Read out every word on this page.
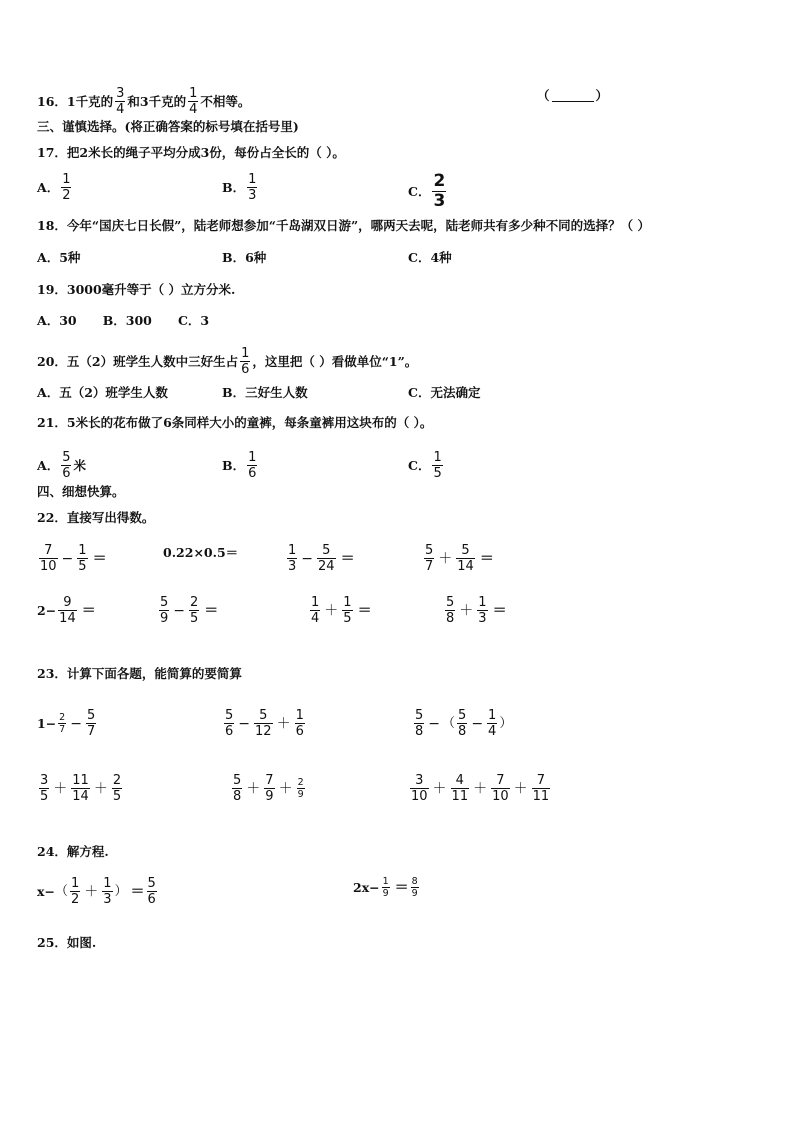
16．1千克的 $\frac{3}{4}$ 和3千克的 $\frac{1}{4}$ 不相等。	（	）
三、谨慎选择。(将正确答案的标号填在括号里)
17．把2米长的绳子平均分成3份，每份占全长的（ ）。
A． $\frac{1}{2}$	B． $\frac{1}{3}$	C． $\frac{2}{3}$
18．今年“国庆七日长假”，陆老师想参加“千岛湖双日游”，哪两天去呢，陆老师共有多少种不同的选择？（ ）
A．5种	B．6种	C．4种
19．3000毫升等于（ ）立方分米.
A．30      B．300      C．3
20．五（2）班学生人数中三好生占 $\frac{1}{6}$ ，这里把（ ）看做单位“1”。
A．五（2）班学生人数	B．三好生人数	C．无法确定
21．5米长的花布做了6条同样大小的童裤，每条童裤用这块布的（ ）。
A． $\frac{5}{6}$ 米	B． $\frac{1}{6}$	C． $\frac{1}{5}$
四、细想快算。
22．直接写出得数。
$\frac{7}{10} - \frac{1}{5}$ ＝	0.22×0.5＝	$\frac{1}{3} - \frac{5}{24}$ ＝	$\frac{5}{7} + \frac{5}{14}$ ＝
$2- \frac{9}{14}$ ＝	$\frac{5}{9} - \frac{2}{5}$ ＝	$\frac{1}{4} + \frac{1}{5}$ ＝	$\frac{5}{8} + \frac{1}{3}$ ＝
23．计算下面各题，能简算的要简算
$1- \frac{2}{7} - \frac{5}{7}$	$\frac{5}{6} - \frac{5}{12} + \frac{1}{6}$	$\frac{5}{8}$ − （ $\frac{5}{8} - \frac{1}{4}$ ）
$\frac{3}{5} + \frac{11}{14} + \frac{2}{5}$	$\frac{5}{8} + \frac{7}{9} + \frac{2}{9}$	$\frac{3}{10} + \frac{4}{11} + \frac{7}{10} + \frac{7}{11}$
24．解方程.
x− （ $\frac{1}{2} + \frac{1}{3}$ ） ＝ $\frac{5}{6}$	$2x- \frac{1}{9} = \frac{8}{9}$
25．如图.
